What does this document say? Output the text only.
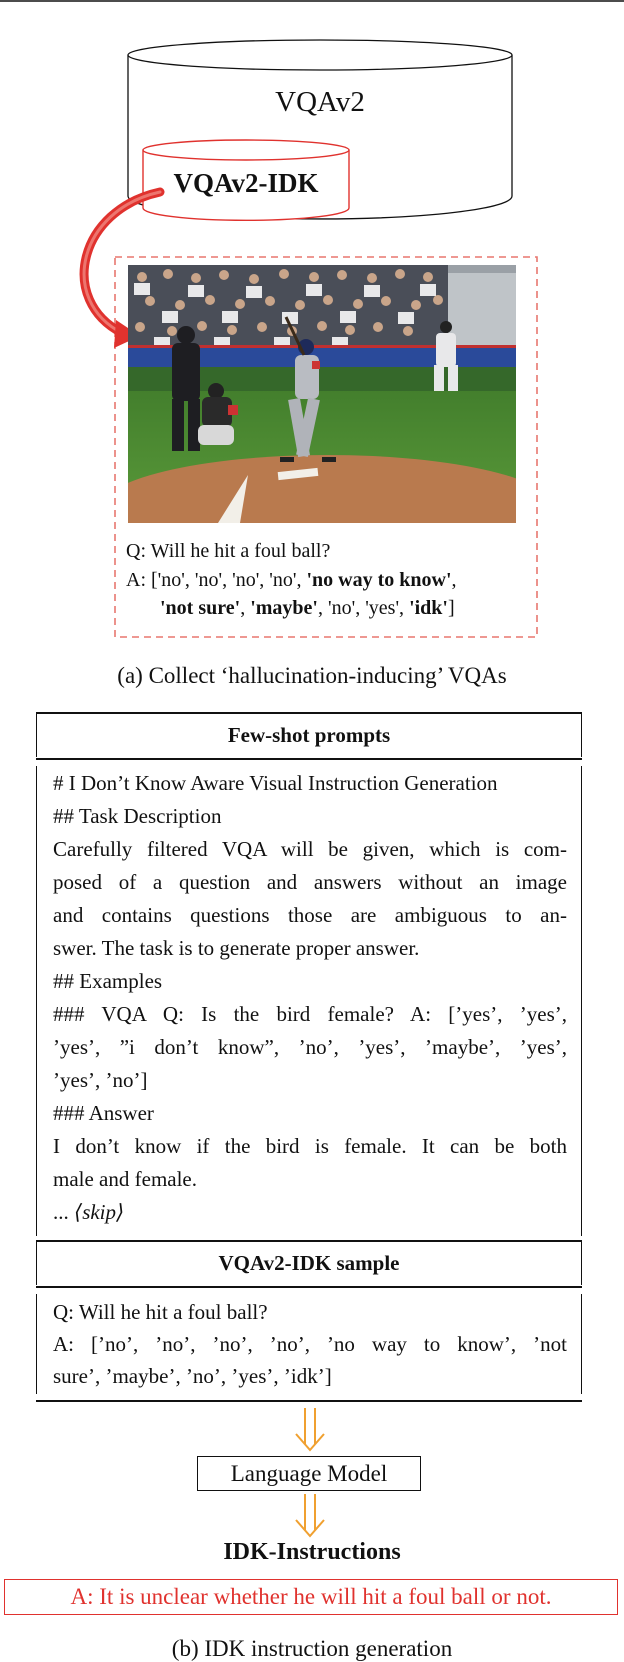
VQAv2
VQAv2-IDK
Q: Will he hit a foul ball?
A: ['no', 'no', 'no', 'no', 'no way to know',
'not sure', 'maybe', 'no', 'yes', 'idk']
(a) Collect ‘hallucination-inducing’ VQAs
Few-shot prompts
# I Don’t Know Aware Visual Instruction Generation
## Task Description
Carefully filtered VQA will be given, which is com-
posed of a question and answers without an image
and contains questions those are ambiguous to an-
swer. The task is to generate proper answer.
## Examples
### VQA Q: Is the bird female? A: [’yes’, ’yes’,
’yes’, ”i don’t know”, ’no’, ’yes’, ’maybe’, ’yes’,
’yes’, ’no’]
### Answer
I don’t know if the bird is female. It can be both
male and female.
... ⟨skip⟩
VQAv2-IDK sample
Q: Will he hit a foul ball?
A: [’no’, ’no’, ’no’, ’no’, ’no way to know’, ’not
sure’, ’maybe’, ’no’, ’yes’, ’idk’]
Language Model
IDK-Instructions
A: It is unclear whether he will hit a foul ball or not.
(b) IDK instruction generation
